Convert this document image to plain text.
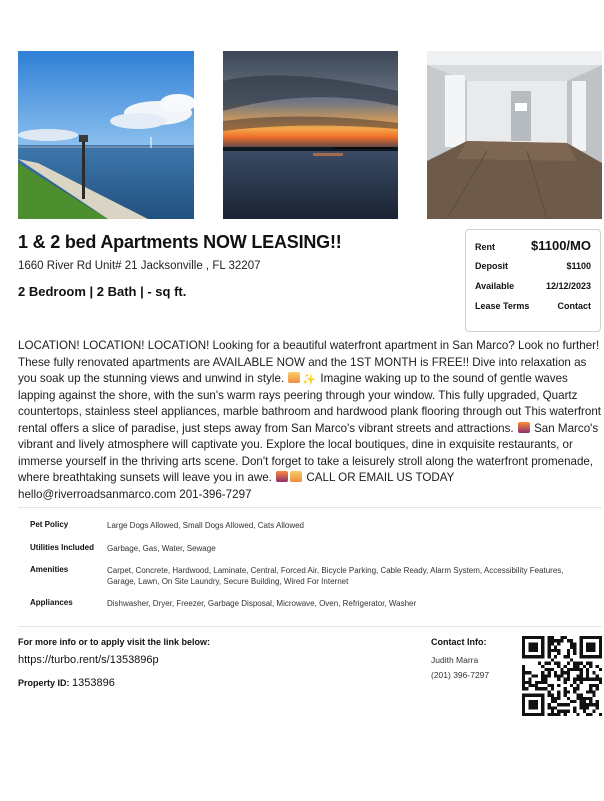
1 & 2 bed Apartments NOW LEASING!!
1660 River Rd Unit# 21 Jacksonville , FL 32207
2 Bedroom | 2 Bath | - sq ft.
Rent	$1100/MO
Deposit	$1100
Available	12/12/2023
Lease Terms	Contact
LOCATION! LOCATION! LOCATION! Looking for a beautiful waterfront apartment in San Marco? Look no further! These fully renovated apartments are AVAILABLE NOW and the 1ST MONTH is FREE!! Dive into relaxation as you soak up the stunning views and unwind in style. ✨ Imagine waking up to the sound of gentle waves lapping against the shore, with the sun's warm rays peering through your window. This fully upgraded, Quartz countertops, stainless steel appliances, marble bathroom and hardwood plank flooring through out This waterfront rental offers a slice of paradise, just steps away from San Marco's vibrant streets and attractions. San Marco's vibrant and lively atmosphere will captivate you. Explore the local boutiques, dine in exquisite restaurants, or immerse yourself in the thriving arts scene. Don't forget to take a leisurely stroll along the waterfront promenade, where breathtaking sunsets will leave you in awe.	CALL OR EMAIL US TODAY
hello@riverroadsanmarco.com 201-396-7297
Pet Policy	Large Dogs Allowed, Small Dogs Allowed, Cats Allowed
Utilities Included	Garbage, Gas, Water, Sewage
Amenities	Carpet, Concrete, Hardwood, Laminate, Central, Forced Air, Bicycle Parking, Cable Ready, Alarm System, Accessibility Features, Garage, Lawn, On Site Laundry, Secure Building, Wired For Internet
Appliances	Dishwasher, Dryer, Freezer, Garbage Disposal, Microwave, Oven, Refrigerator, Washer
For more info or to apply visit the link below:
https://turbo.rent/s/1353896p
Property ID: 1353896
Contact Info:
Judith Marra
(201) 396-7297
